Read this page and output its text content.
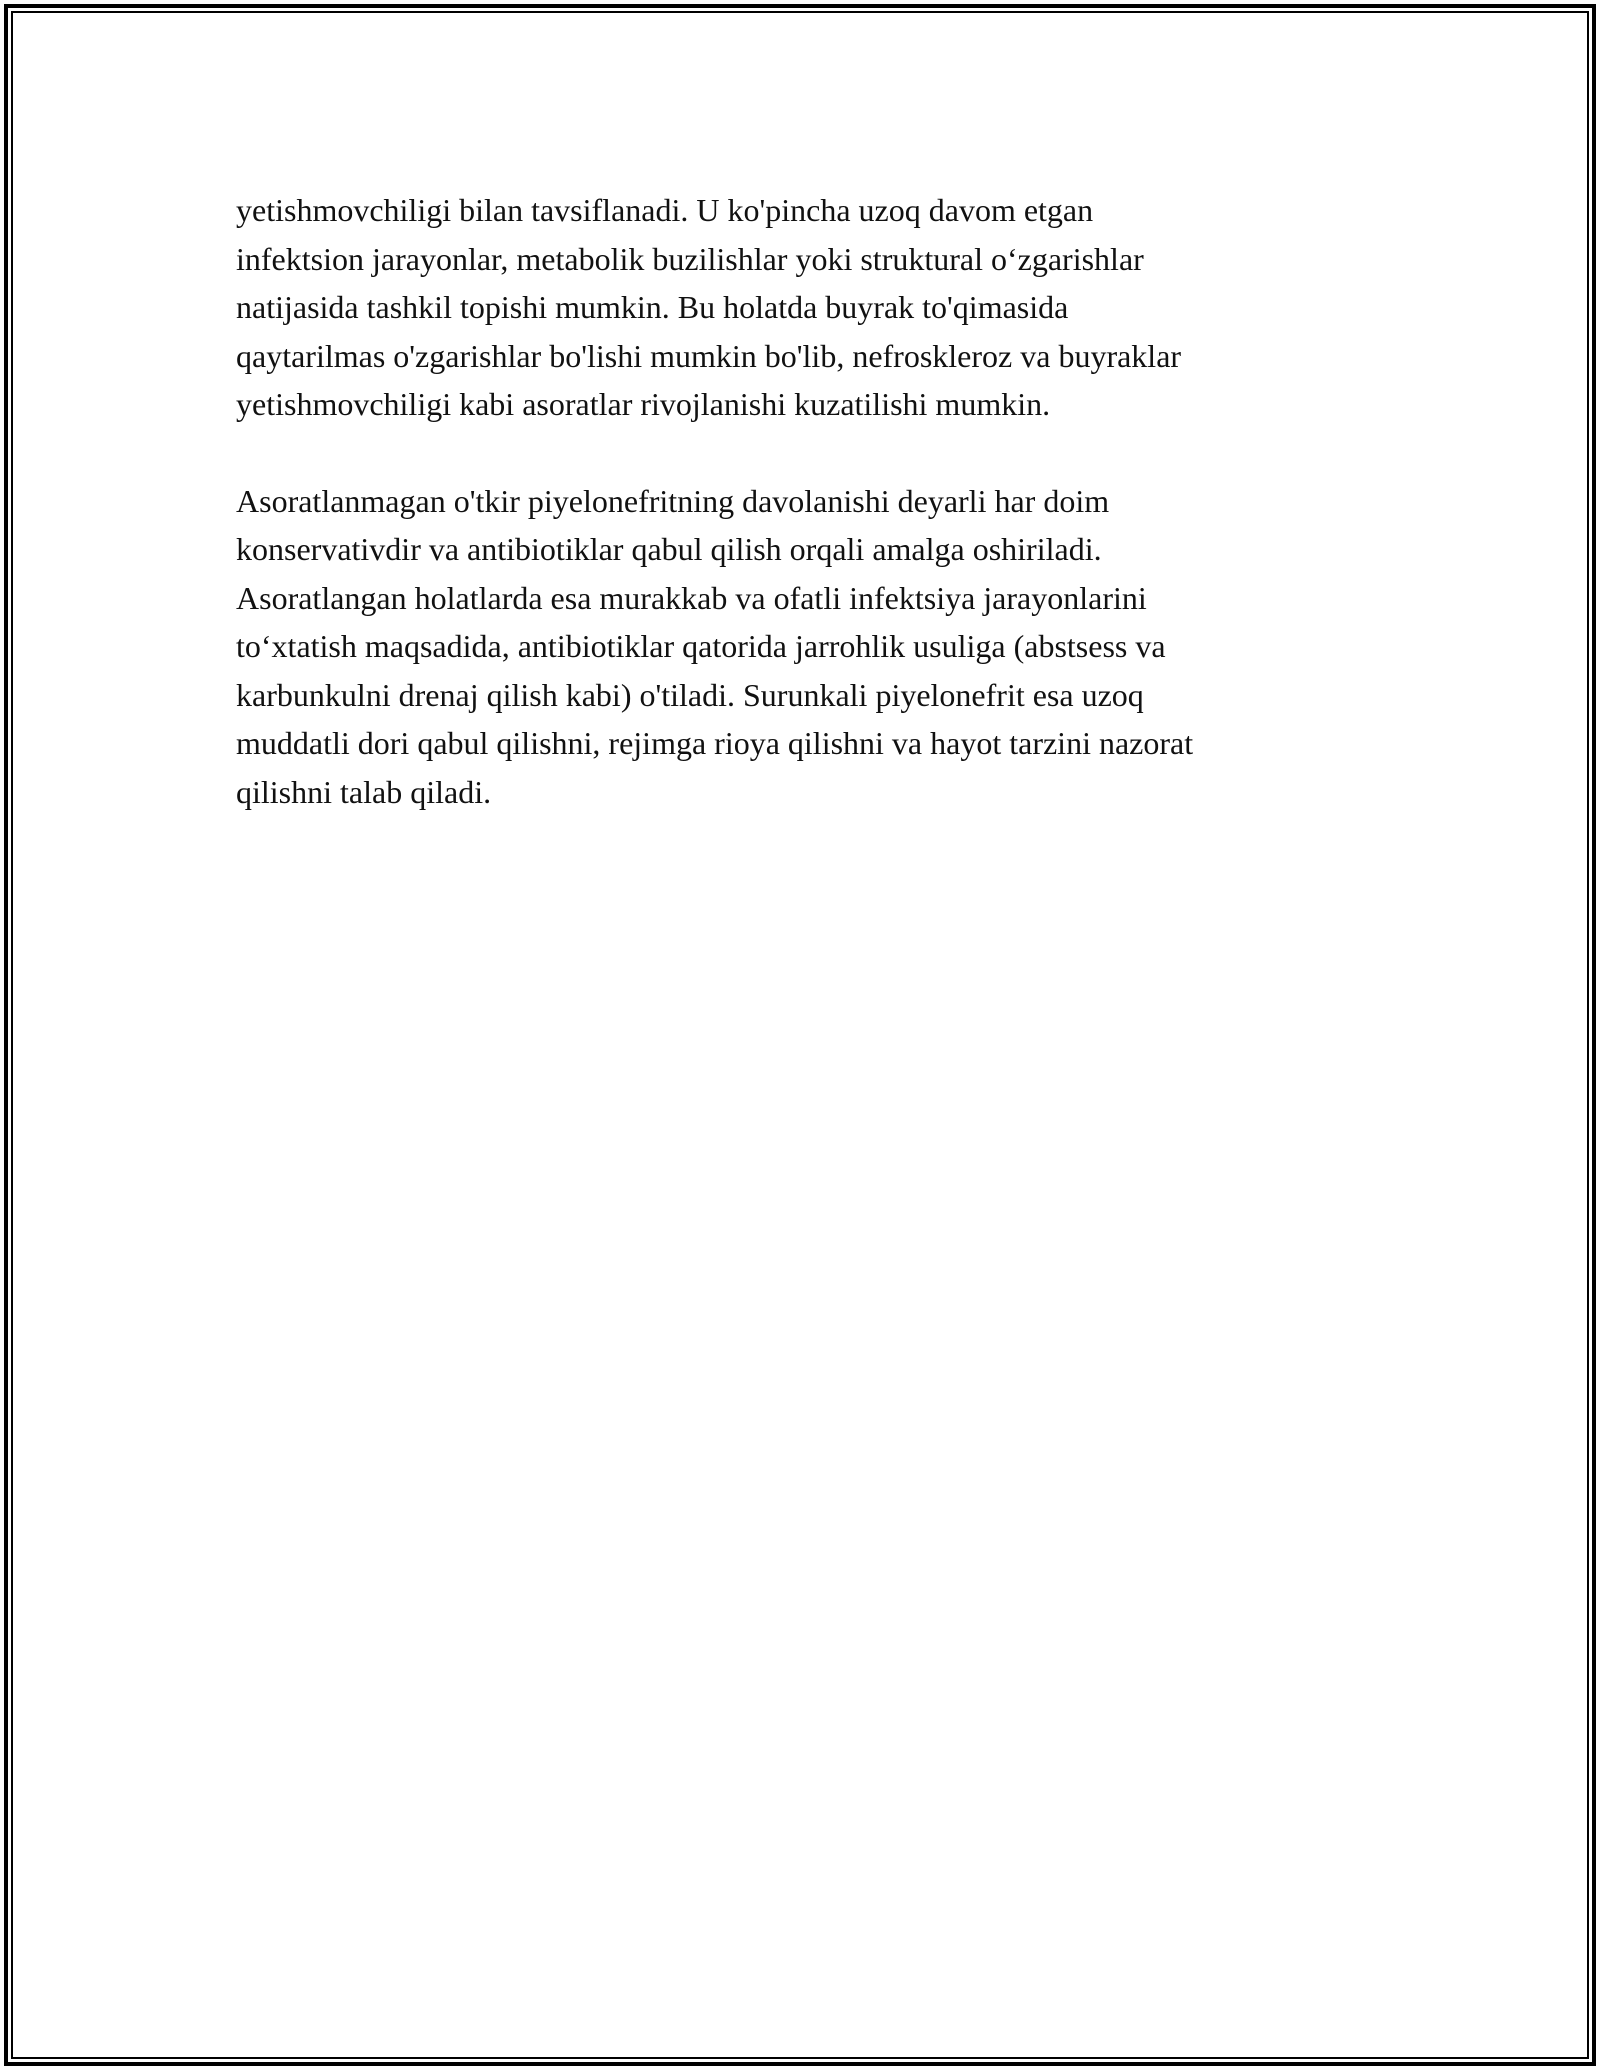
yetishmovchiligi bilan tavsiflanadi. U ko'pincha uzoq davom etgan
infektsion jarayonlar, metabolik buzilishlar yoki struktural o‘zgarishlar
natijasida tashkil topishi mumkin. Bu holatda buyrak to'qimasida
qaytarilmas o'zgarishlar bo'lishi mumkin bo'lib, nefroskleroz va buyraklar
yetishmovchiligi kabi asoratlar rivojlanishi kuzatilishi mumkin.

Asoratlanmagan o'tkir piyelonefritning davolanishi deyarli har doim
konservativdir va antibiotiklar qabul qilish orqali amalga oshiriladi.
Asoratlangan holatlarda esa murakkab va ofatli infektsiya jarayonlarini
to‘xtatish maqsadida, antibiotiklar qatorida jarrohlik usuliga (abstsess va
karbunkulni drenaj qilish kabi) o'tiladi. Surunkali piyelonefrit esa uzoq
muddatli dori qabul qilishni, rejimga rioya qilishni va hayot tarzini nazorat
qilishni talab qiladi.
